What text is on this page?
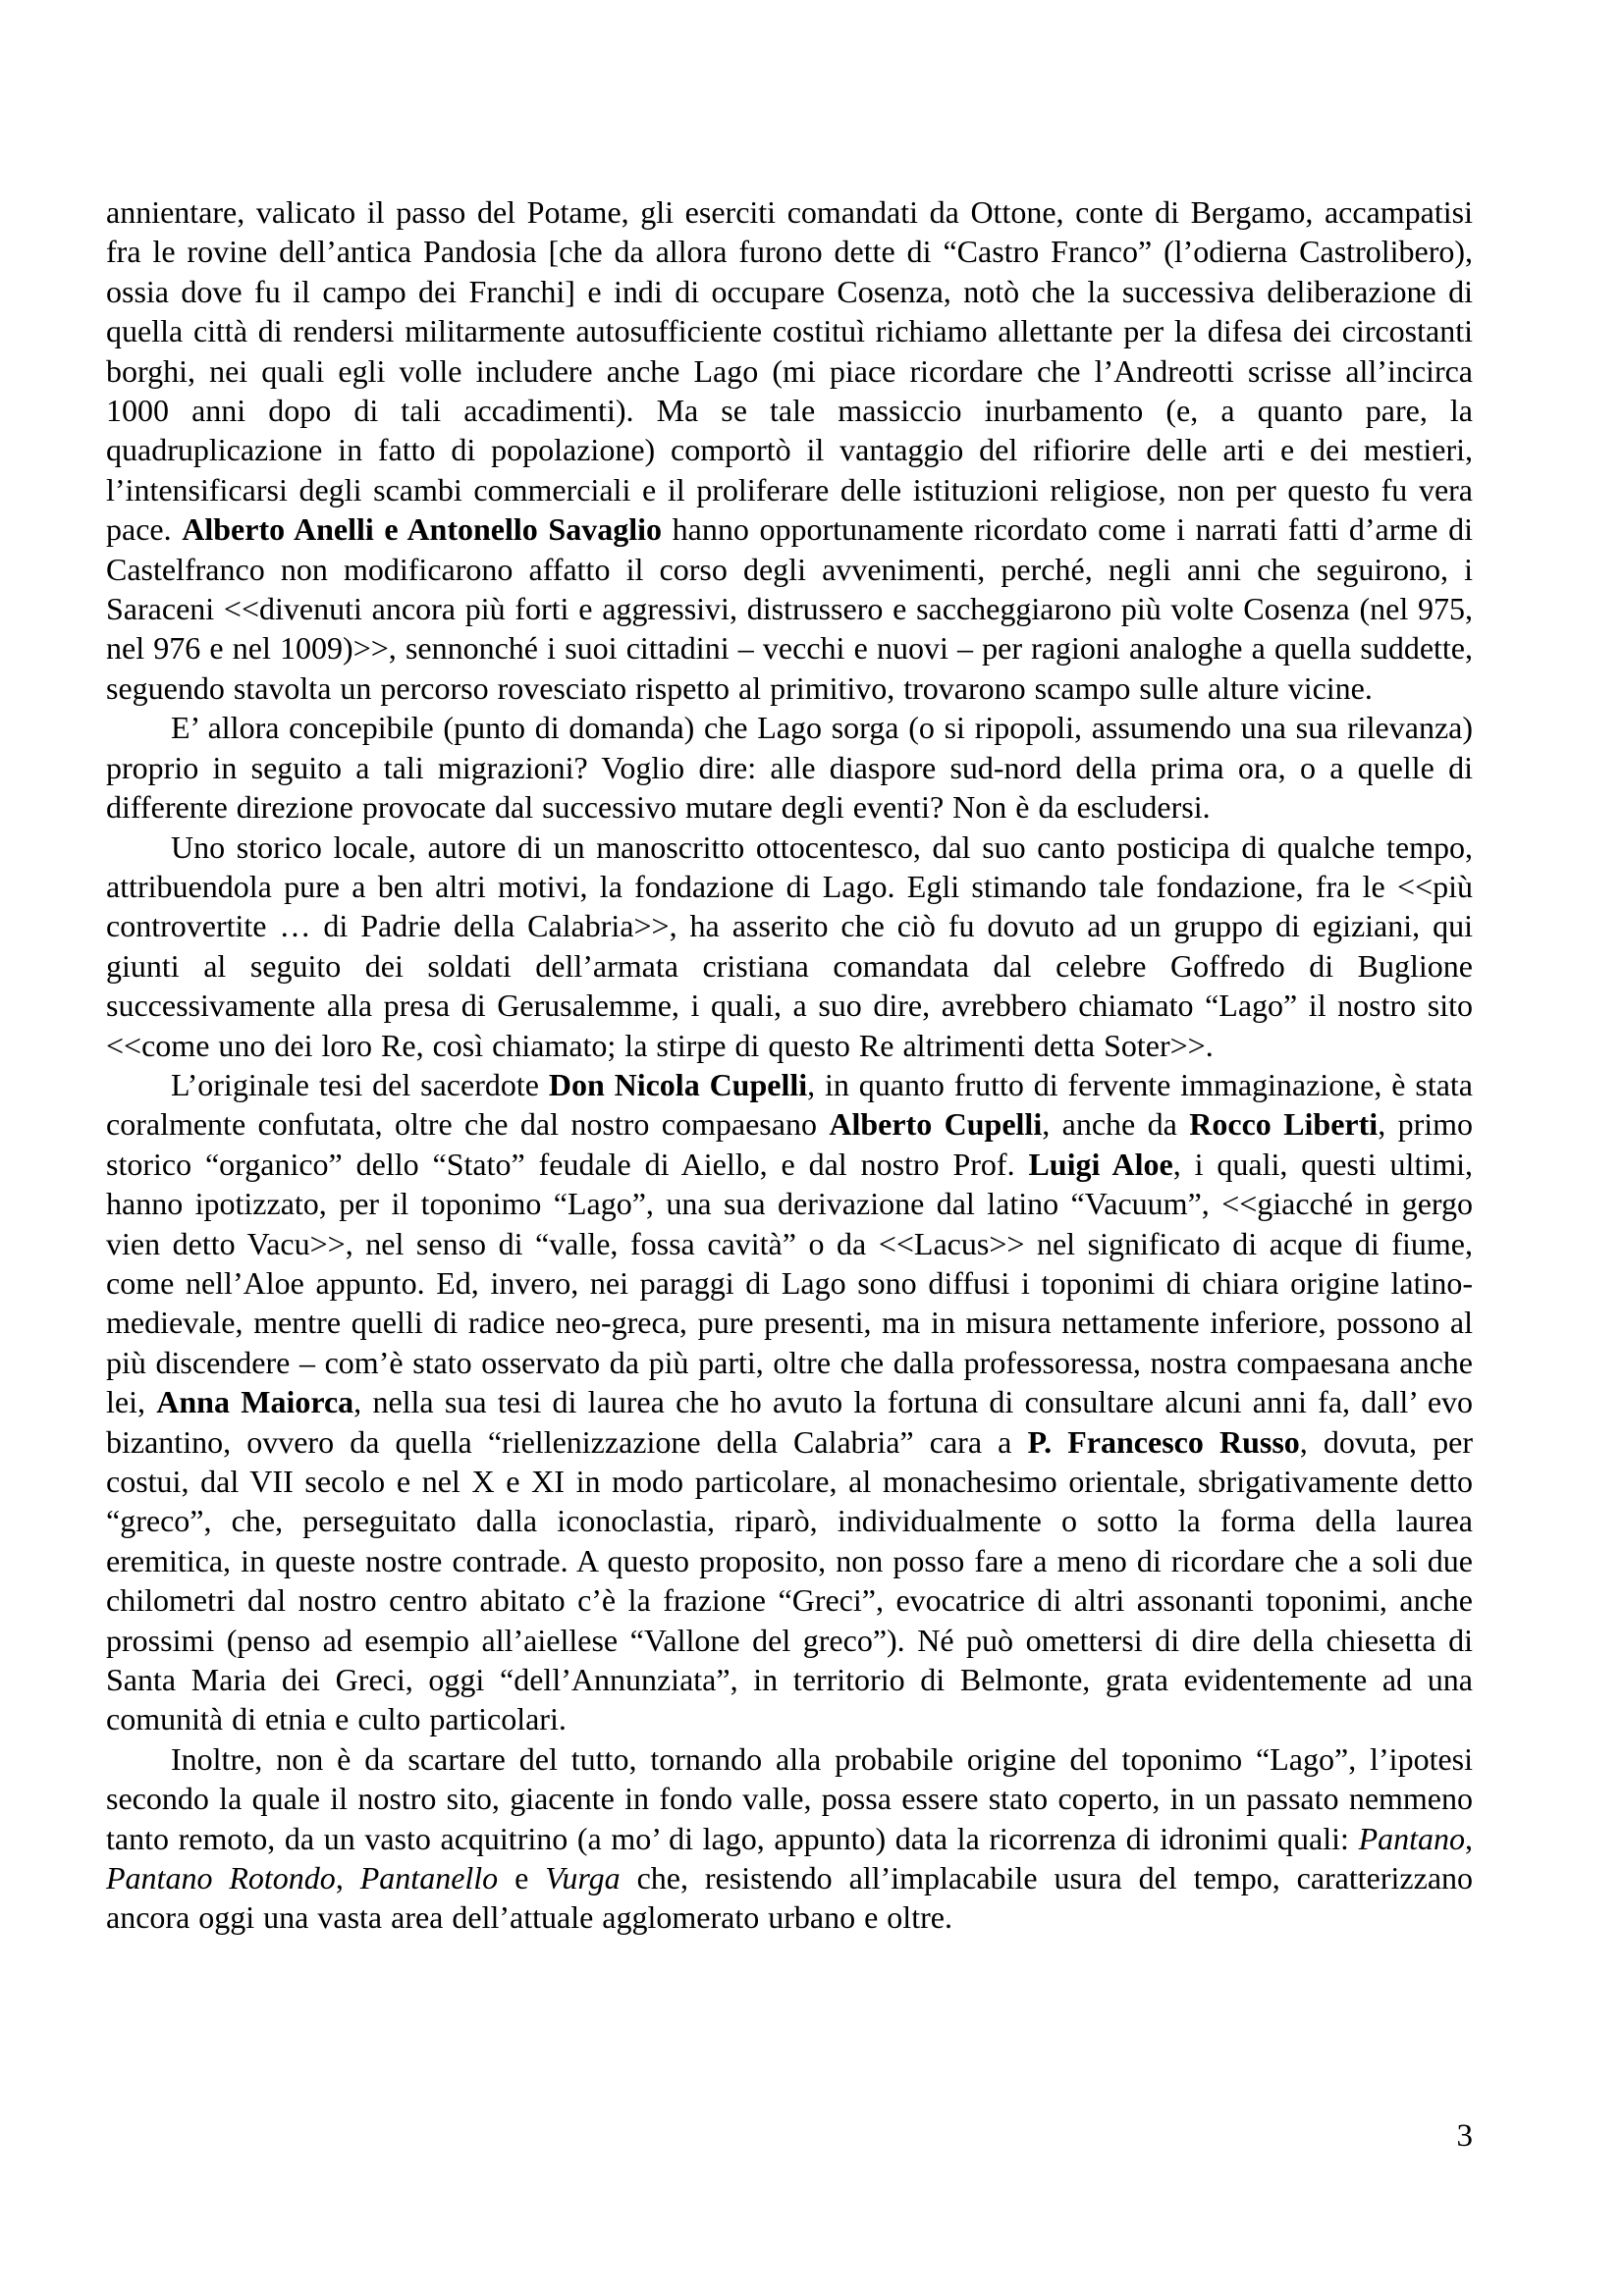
annientare, valicato il passo del Potame, gli eserciti comandati da Ottone, conte di Bergamo, accampatisi fra le rovine dell’antica Pandosia [che da allora furono dette di “Castro Franco” (l’odierna Castrolibero), ossia dove fu il campo dei Franchi] e indi di occupare Cosenza, notò che la successiva deliberazione di quella città di rendersi militarmente autosufficiente costituì richiamo allettante per la difesa dei circostanti borghi, nei quali egli volle includere anche Lago (mi piace ricordare che l’Andreotti scrisse all’incirca 1000 anni dopo di tali accadimenti). Ma se tale massiccio inurbamento (e, a quanto pare, la quadruplicazione in fatto di popolazione) comportò il vantaggio del rifiorire delle arti e dei mestieri, l’intensificarsi degli scambi commerciali e il proliferare delle istituzioni religiose, non per questo fu vera pace. Alberto Anelli e Antonello Savaglio hanno opportunamente ricordato come i narrati fatti d’arme di Castelfranco non modificarono affatto il corso degli avvenimenti, perché, negli anni che seguirono, i Saraceni <<divenuti ancora più forti e aggressivi, distrussero e saccheggiarono più volte Cosenza (nel 975, nel 976 e nel 1009)>>, sennonché i suoi cittadini – vecchi e nuovi – per ragioni analoghe a quella suddette, seguendo stavolta un percorso rovesciato rispetto al primitivo, trovarono scampo sulle alture vicine.

E’ allora concepibile (punto di domanda) che Lago sorga (o si ripopoli, assumendo una sua rilevanza) proprio in seguito a tali migrazioni? Voglio dire: alle diaspore sud-nord della prima ora, o a quelle di differente direzione provocate dal successivo mutare degli eventi? Non è da escludersi.

Uno storico locale, autore di un manoscritto ottocentesco, dal suo canto posticipa di qualche tempo, attribuendola pure a ben altri motivi, la fondazione di Lago. Egli stimando tale fondazione, fra le <<più controvertite … di Padrie della Calabria>>, ha asserito che ciò fu dovuto ad un gruppo di egiziani, qui giunti al seguito dei soldati dell’armata cristiana comandata dal celebre Goffredo di Buglione successivamente alla presa di Gerusalemme, i quali, a suo dire, avrebbero chiamato “Lago” il nostro sito <<come uno dei loro Re, così chiamato; la stirpe di questo Re altrimenti detta Soter>>.

L’originale tesi del sacerdote Don Nicola Cupelli, in quanto frutto di fervente immaginazione, è stata coralmente confutata, oltre che dal nostro compaesano Alberto Cupelli, anche da Rocco Liberti, primo storico “organico” dello “Stato” feudale di Aiello, e dal nostro Prof. Luigi Aloe, i quali, questi ultimi, hanno ipotizzato, per il toponimo “Lago”, una sua derivazione dal latino “Vacuum”, <<giacché in gergo vien detto Vacu>>, nel senso di “valle, fossa cavità” o da <<Lacus>> nel significato di acque di fiume, come nell’Aloe appunto. Ed, invero, nei paraggi di Lago sono diffusi i toponimi di chiara origine latino-medievale, mentre quelli di radice neo-greca, pure presenti, ma in misura nettamente inferiore, possono al più discendere – com’è stato osservato da più parti, oltre che dalla professoressa, nostra compaesana anche lei, Anna Maiorca, nella sua tesi di laurea che ho avuto la fortuna di consultare alcuni anni fa, dall’ evo bizantino, ovvero da quella “riellenizzazione della Calabria” cara a P. Francesco Russo, dovuta, per costui, dal VII secolo e nel X e XI in modo particolare, al monachesimo orientale, sbrigativamente detto “greco”, che, perseguitato dalla iconoclastia, riparò, individualmente o sotto la forma della laurea eremitica, in queste nostre contrade. A questo proposito, non posso fare a meno di ricordare che a soli due chilometri dal nostro centro abitato c’è la frazione “Greci”, evocatrice di altri assonanti toponimi, anche prossimi (penso ad esempio all’aiellese “Vallone del greco”). Né può omettersi di dire della chiesetta di Santa Maria dei Greci, oggi “dell’Annunziata”, in territorio di Belmonte, grata evidentemente ad una comunità di etnia e culto particolari.

Inoltre, non è da scartare del tutto, tornando alla probabile origine del toponimo “Lago”, l’ipotesi secondo la quale il nostro sito, giacente in fondo valle, possa essere stato coperto, in un passato nemmeno tanto remoto, da un vasto acquitrino (a mo’ di lago, appunto) data la ricorrenza di idronimi quali: Pantano, Pantano Rotondo, Pantanello e Vurga che, resistendo all’implacabile usura del tempo, caratterizzano ancora oggi una vasta area dell’attuale agglomerato urbano e oltre.

3
